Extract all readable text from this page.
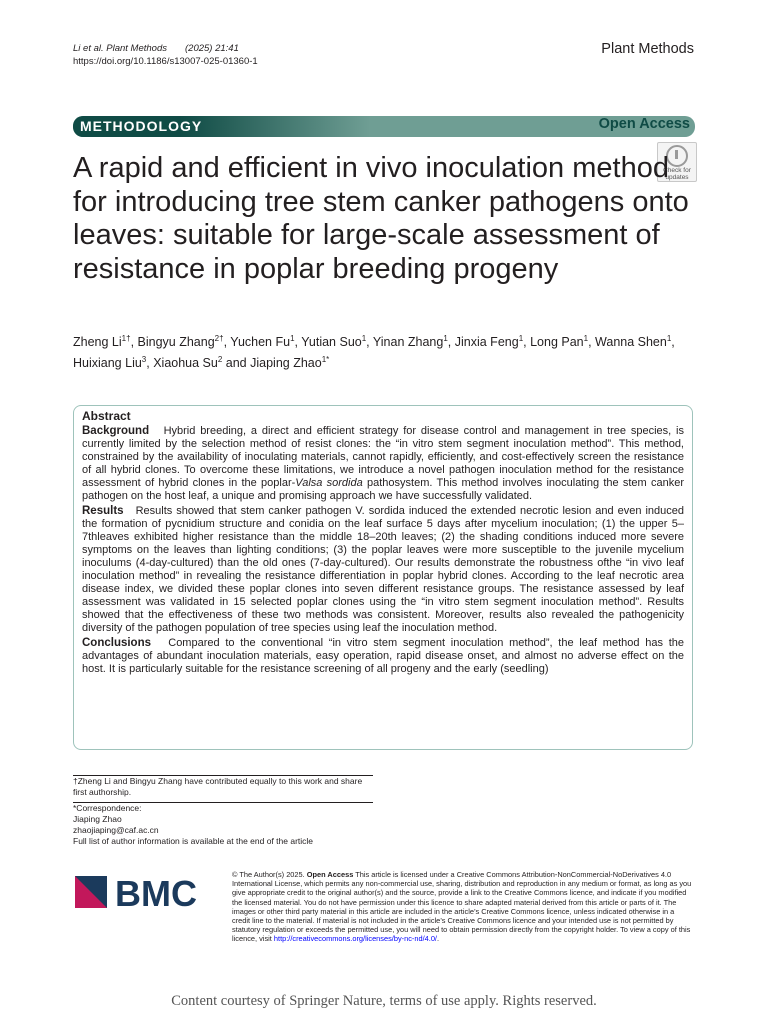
Li et al. Plant Methods (2025) 21:41
https://doi.org/10.1186/s13007-025-01360-1
Plant Methods
METHODOLOGY	Open Access
Check for
updates
A rapid and efficient in vivo inoculation method for introducing tree stem canker pathogens onto leaves: suitable for large-scale assessment of resistance in poplar breeding progeny
Zheng $Li^{1\dagger}$, Bingyu Zhang$^{2\dagger}$, Yuchen Fu$^1$, Yutian Suo$^1$, Yinan Zhang$^1$, Jinxia Feng$^1$, Long Pan$^1$, Wanna Shen$^1$, Huixiang Liu$^3$, Xiaohua Su$^2$ and Jiaping Zhao$^{1*}$
Abstract

Background Hybrid breeding, a direct and efficient strategy for disease control and management in tree species, is currently limited by the selection method of resist clones: the “in vitro stem segment inoculation method”. This method, constrained by the availability of inoculating materials, cannot rapidly, efficiently, and cost-effectively screen the resistance of all hybrid clones. To overcome these limitations, we introduce a novel pathogen inoculation method for the resistance assessment of hybrid clones in the poplar-Valsa sordida pathosystem. This method involves inoculating the stem canker pathogen on the host leaf, a unique and promising approach we have successfully validated.

Results Results showed that stem canker pathogen V. sordida induced the extended necrotic lesion and even induced the formation of pycnidium structure and conidia on the leaf surface 5 days after mycelium inoculation; (1) the upper 5–7thleaves exhibited higher resistance than the middle 18–20th leaves; (2) the shading conditions induced more severe symptoms on the leaves than lighting conditions; (3) the poplar leaves were more susceptible to the juvenile mycelium inoculums (4-day-cultured) than the old ones (7-day-cultured). Our results demonstrate the robustness ofthe “in vivo leaf inoculation method” in revealing the resistance differentiation in poplar hybrid clones. According to the leaf necrotic area disease index, we divided these poplar clones into seven different resistance groups. The resistance assessed by leaf assessment was validated in 15 selected poplar clones using the “in vitro stem segment inoculation method”. Results showed that the effectiveness of these two methods was consistent. Moreover, results also revealed the pathogenicity diversity of the pathogen population of tree species using leaf the inoculation method.

Conclusions Compared to the conventional “in vitro stem segment inoculation method”, the leaf method has the advantages of abundant inoculation materials, easy operation, rapid disease onset, and almost no adverse effect on the host. It is particularly suitable for the resistance screening of all progeny and the early (seedling)

†Zheng Li and Bingyu Zhang have contributed equally to this work and share
first authorship.
*Correspondence:
Jiaping Zhao
zhaojiaping@caf.ac.cn
Full list of author information is available at the end of the article
BMC	© The Author(s) 2025. Open Access This article is licensed under a Creative Commons Attribution-NonCommercial-NoDerivatives 4.0 International License, which permits any non-commercial use, sharing, distribution and reproduction in any medium or format, as long as you give appropriate credit to the original author(s) and the source, provide a link to the Creative Commons licence, and indicate if you modified the licensed material. You do not have permission under this licence to share adapted material derived from this article or parts of it. The images or other third party material in this article are included in the article’s Creative Commons licence, unless indicated otherwise in a credit line to the material. If material is not included in the article’s Creative Commons licence and your intended use is not permitted by statutory regulation or exceeds the permitted use, you will need to obtain permission directly from the copyright holder. To view a copy of this licence, visit http://creativecommons.org/licenses/by-nc-nd/4.0/.
Content courtesy of Springer Nature, terms of use apply. Rights reserved.
